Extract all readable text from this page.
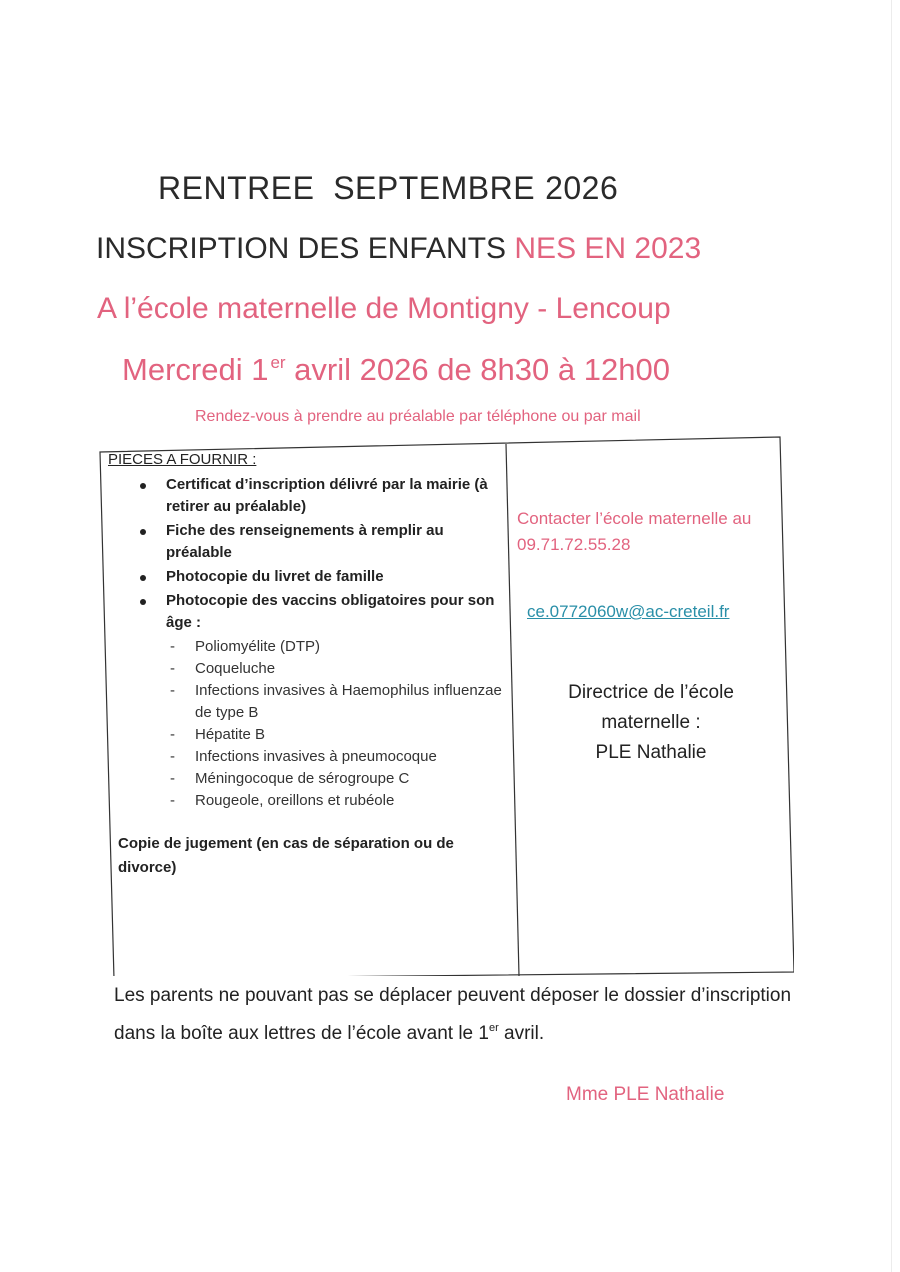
RENTREE  SEPTEMBRE 2026
INSCRIPTION DES ENFANTS NES EN 2023
A l’école maternelle de Montigny - Lencoup
Mercredi 1 $^{er}$ avril 2026 de 8h30 à 12h00
Rendez-vous à prendre au préalable par téléphone ou par mail
PIECES A FOURNIR :
Certificat d’inscription délivré par la mairie (à retirer au préalable)
Fiche des renseignements à remplir au préalable
Photocopie du livret de famille
Photocopie des vaccins obligatoires pour son âge :
- Poliomyélite (DTP)
- Coqueluche
- Infections invasives à Haemophilus influenzae de type B
- Hépatite B
- Infections invasives à pneumocoque
- Méningocoque de sérogroupe C
- Rougeole, oreillons et rubéole
Copie de jugement (en cas de séparation ou de divorce)
Contacter l’école maternelle au 09.71.72.55.28
ce.0772060w@ac-creteil.fr
Directrice de l’école
maternelle :
PLE Nathalie
Les parents ne pouvant pas se déplacer peuvent déposer le dossier d’inscription dans la boîte aux lettres de l’école avant le 1er avril.
Mme PLE Nathalie
